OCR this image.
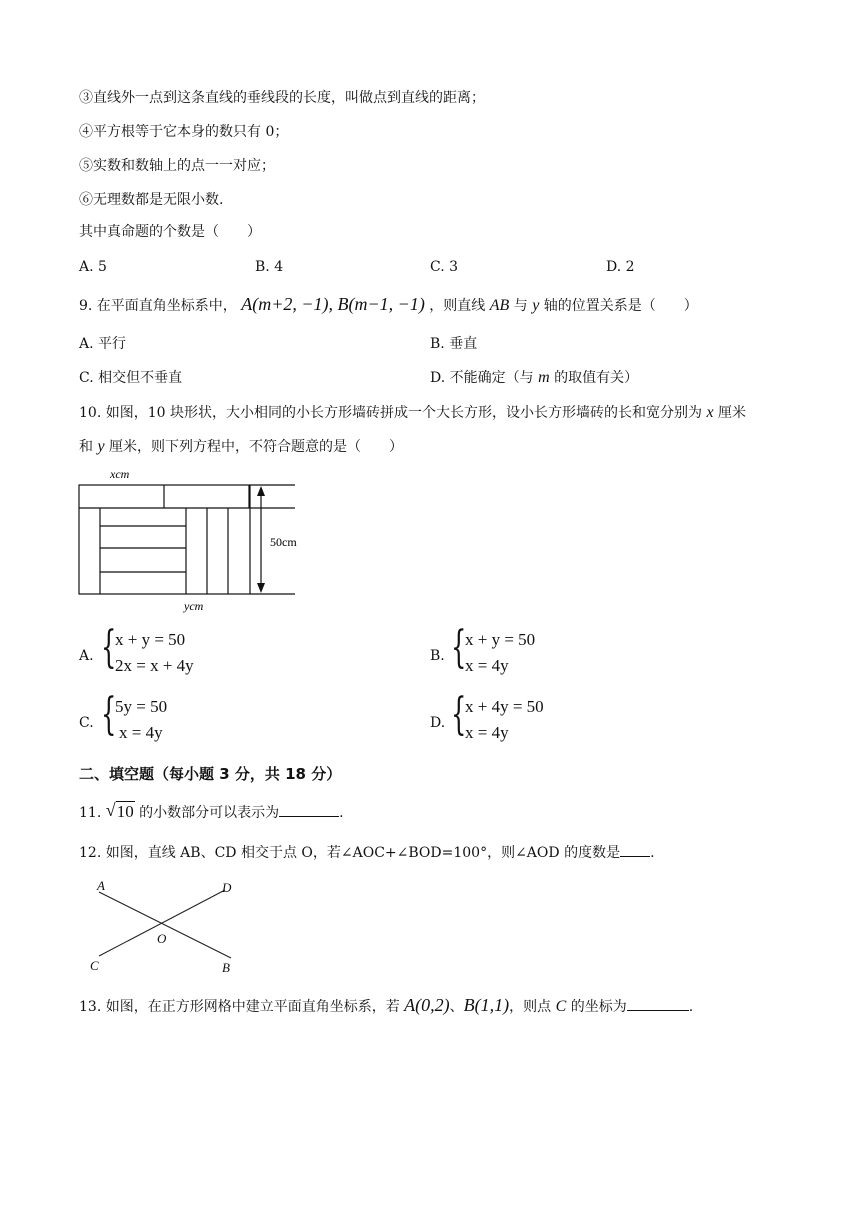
③直线外一点到这条直线的垂线段的长度，叫做点到直线的距离；
④平方根等于它本身的数只有 0；
⑤实数和数轴上的点一一对应；
⑥无理数都是无限小数.
其中真命题的个数是（　　）
A. 5	B. 4	C. 3	D. 2
9. 在平面直角坐标系中， A(m+2, −1), B(m−1, −1) ，则直线 AB 与 y 轴的位置关系是（　　）
A. 平行	B. 垂直
C. 相交但不垂直	D. 不能确定（与 m 的取值有关）
10. 如图，10 块形状，大小相同的小长方形墙砖拼成一个大长方形，设小长方形墙砖的长和宽分别为 x 厘米
和 y 厘米，则下列方程中，不符合题意的是（　　）
xcm
50cm
ycm
A. {
x + y = 50
2x = x + 4y	B. {
x + y = 50
x = 4y
C. {
5y = 50
x = 4y	D. {
x + 4y = 50
x = 4y
二、填空题（每小题 3 分，共 18 分）
11. √ 10 的小数部分可以表示为	.
12. 如图，直线 AB、CD 相交于点 O，若∠AOC+∠BOD=100°，则∠AOD 的度数是 .
A	D
O
C	B
13. 如图，在正方形网格中建立平面直角坐标系，若 A(0,2)、B(1,1)，则点 C 的坐标为	.
